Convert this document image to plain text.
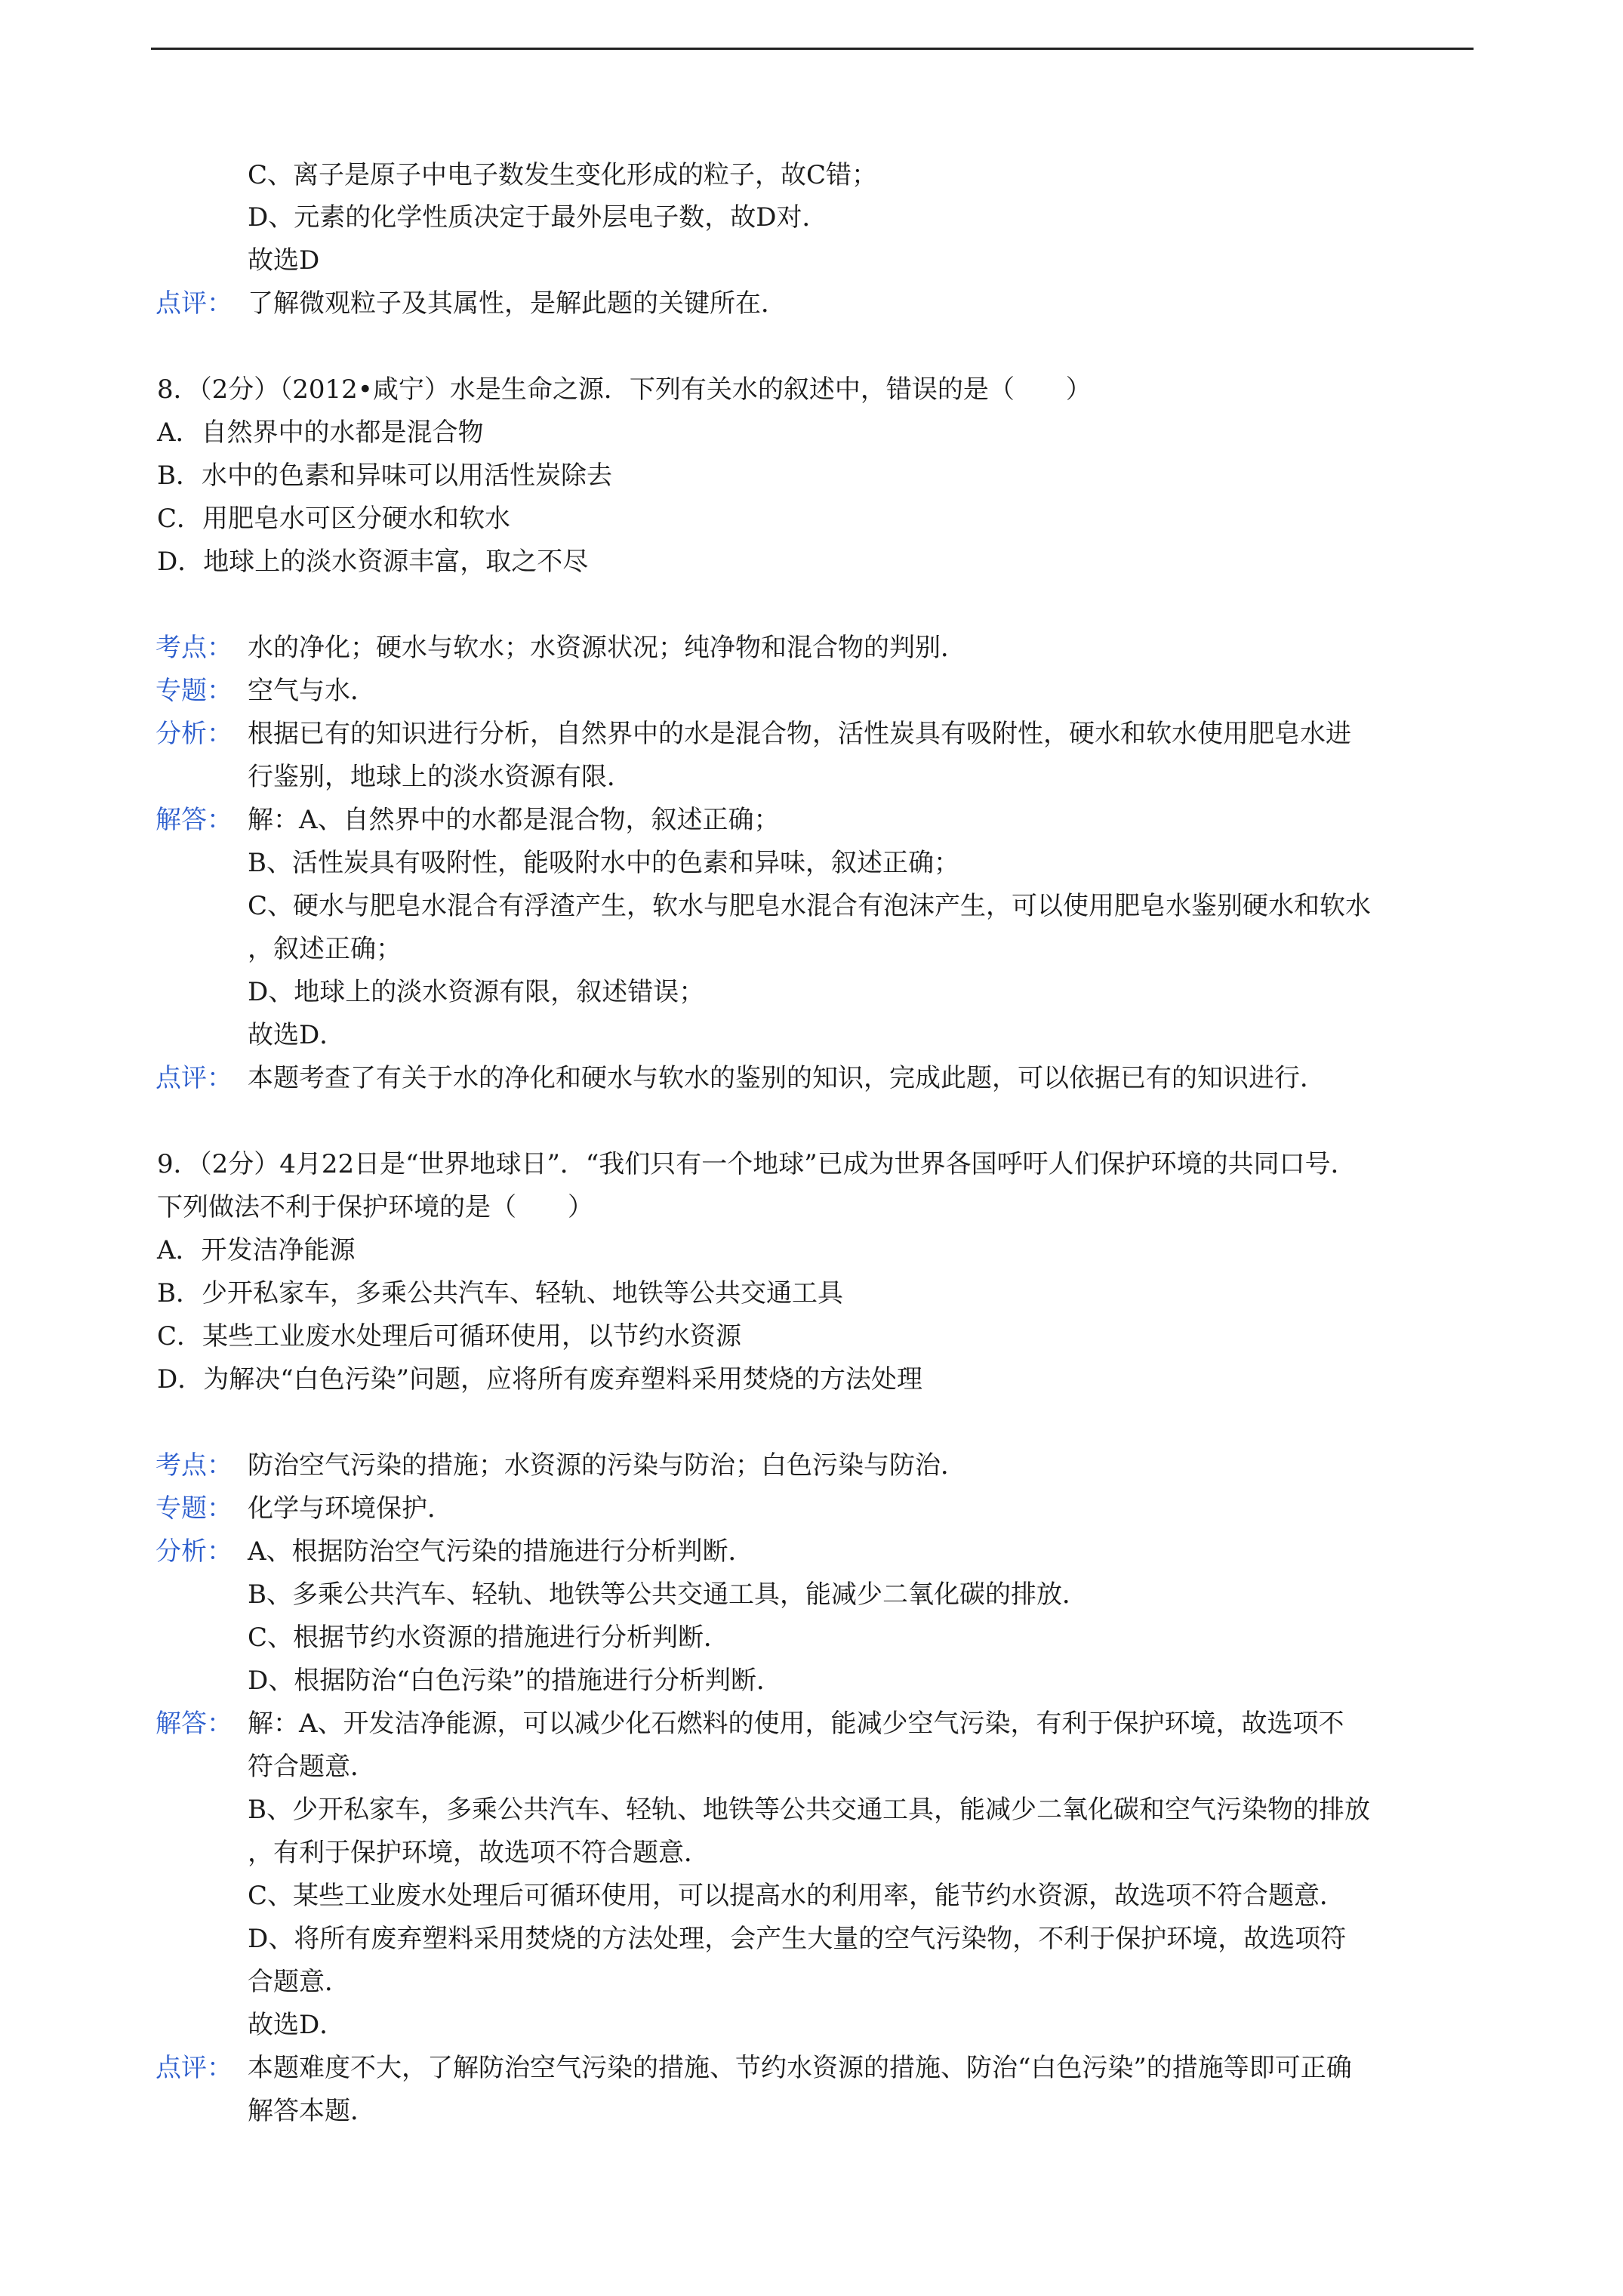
C、离子是原子中电子数发生变化形成的粒子，故C错；
D、元素的化学性质决定于最外层电子数，故D对．
故选D
点评： 了解微观粒子及其属性，是解此题的关键所在．
8．（2分）（2012•咸宁）水是生命之源．下列有关水的叙述中，错误的是（　　）
A．自然界中的水都是混合物
B．水中的色素和异味可以用活性炭除去
C．用肥皂水可区分硬水和软水
D．地球上的淡水资源丰富，取之不尽
考点： 水的净化；硬水与软水；水资源状况；纯净物和混合物的判别．
专题： 空气与水．
分析： 根据已有的知识进行分析，自然界中的水是混合物，活性炭具有吸附性，硬水和软水使用肥皂水进
行鉴别，地球上的淡水资源有限．
解答： 解：A、自然界中的水都是混合物，叙述正确；
B、活性炭具有吸附性，能吸附水中的色素和异味，叙述正确；
C、硬水与肥皂水混合有浮渣产生，软水与肥皂水混合有泡沫产生，可以使用肥皂水鉴别硬水和软水
，叙述正确；
D、地球上的淡水资源有限，叙述错误；
故选D．
点评： 本题考查了有关于水的净化和硬水与软水的鉴别的知识，完成此题，可以依据已有的知识进行．
9．（2分）4月22日是“世界地球日”．“我们只有一个地球”已成为世界各国呼吁人们保护环境的共同口号．
下列做法不利于保护环境的是（　　）
A．开发洁净能源
B．少开私家车，多乘公共汽车、轻轨、地铁等公共交通工具
C．某些工业废水处理后可循环使用，以节约水资源
D．为解决“白色污染”问题，应将所有废弃塑料采用焚烧的方法处理
考点： 防治空气污染的措施；水资源的污染与防治；白色污染与防治．
专题： 化学与环境保护．
分析： A、根据防治空气污染的措施进行分析判断．
B、多乘公共汽车、轻轨、地铁等公共交通工具，能减少二氧化碳的排放．
C、根据节约水资源的措施进行分析判断．
D、根据防治“白色污染”的措施进行分析判断．
解答： 解：A、开发洁净能源，可以减少化石燃料的使用，能减少空气污染，有利于保护环境，故选项不
符合题意．
B、少开私家车，多乘公共汽车、轻轨、地铁等公共交通工具，能减少二氧化碳和空气污染物的排放
，有利于保护环境，故选项不符合题意．
C、某些工业废水处理后可循环使用，可以提高水的利用率，能节约水资源，故选项不符合题意．
D、将所有废弃塑料采用焚烧的方法处理，会产生大量的空气污染物，不利于保护环境，故选项符
合题意．
故选D．
点评： 本题难度不大，了解防治空气污染的措施、节约水资源的措施、防治“白色污染”的措施等即可正确
解答本题．
